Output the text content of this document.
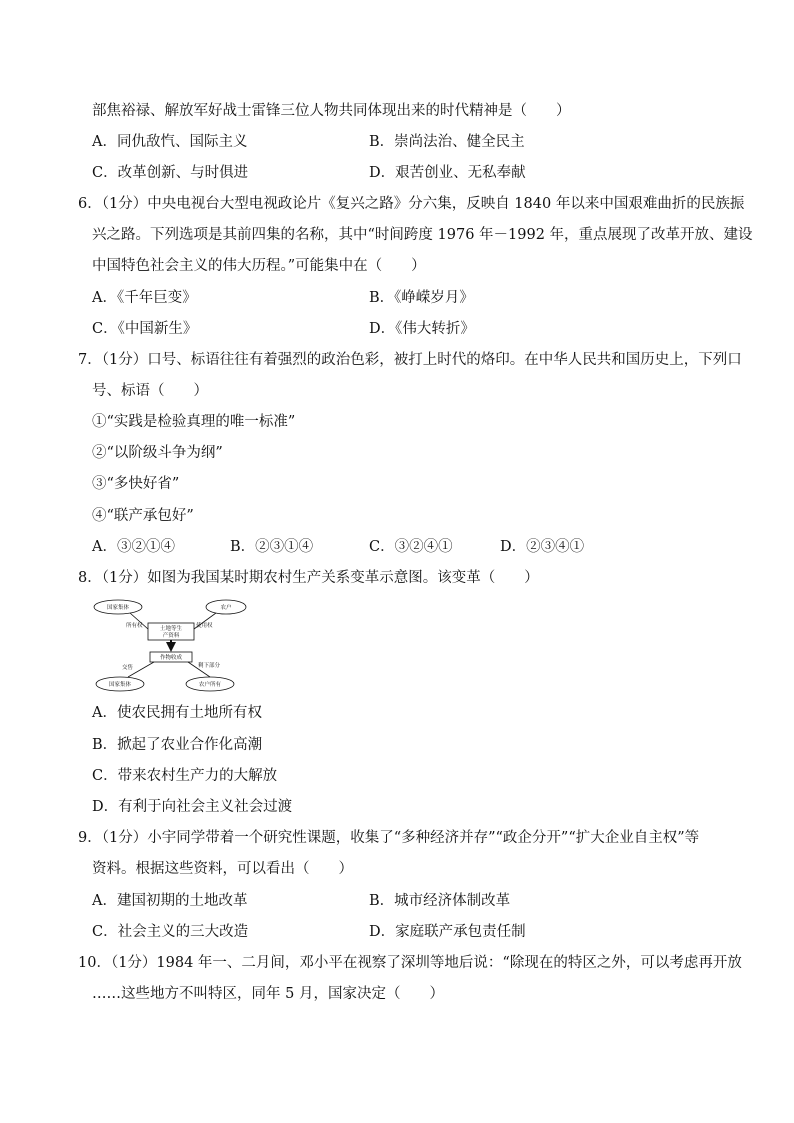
部焦裕禄、解放军好战士雷锋三位人物共同体现出来的时代精神是（　　）
A．同仇敌忾、国际主义	B．崇尚法治、健全民主
C．改革创新、与时俱进	D．艰苦创业、无私奉献
6．（1分）中央电视台大型电视政论片《复兴之路》分六集，反映自 1840 年以来中国艰难曲折的民族振
兴之路。下列选项是其前四集的名称，其中“时间跨度 1976 年－1992 年，重点展现了改革开放、建设
中国特色社会主义的伟大历程。”可能集中在（　　）
A．《千年巨变》	B．《峥嵘岁月》
C．《中国新生》	D．《伟大转折》
7．（1分）口号、标语往往有着强烈的政治色彩，被打上时代的烙印。在中华人民共和国历史上，下列口
号、标语（　　）
①“实践是检验真理的唯一标准”
②“以阶级斗争为纲”
③“多快好省”
④“联产承包好”
A．③②①④	B．②③①④	C．③②④①	D．②③④①
8．（1分）如图为我国某时期农村生产关系变革示意图。该变革（　　）
国家集体	农户
土地等生
产资料
所有权	使用权
作物收成
交售	剩下部分
国家集体	农户所有
A．使农民拥有土地所有权
B．掀起了农业合作化高潮
C．带来农村生产力的大解放
D．有利于向社会主义社会过渡
9．（1分）小宇同学带着一个研究性课题，收集了“多种经济并存”“政企分开”“扩大企业自主权”等
资料。根据这些资料，可以看出（　　）
A．建国初期的土地改革	B．城市经济体制改革
C．社会主义的三大改造	D．家庭联产承包责任制
10．（1分）1984 年一、二月间，邓小平在视察了深圳等地后说：“除现在的特区之外，可以考虑再开放
……这些地方不叫特区，同年 5 月，国家决定（　　）
